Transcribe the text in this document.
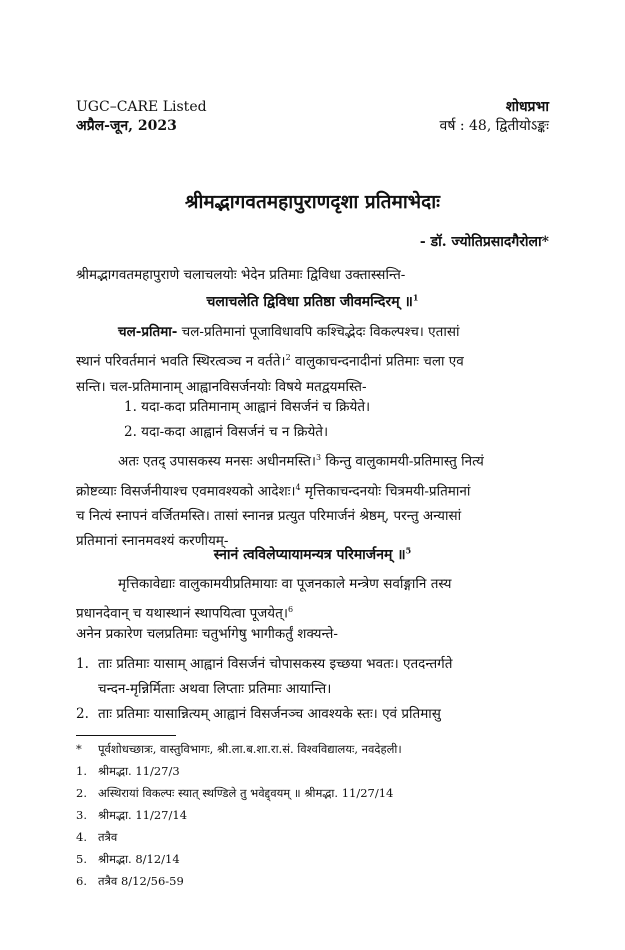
UGC–CARE Listed
अप्रैल-जून, 2023
शोधप्रभा
वर्ष : 48, द्वितीयोऽङ्कः
श्रीमद्भागवतमहापुराणदृशा प्रतिमाभेदाः
- डॉ. ज्योतिप्रसादगैरोला*
श्रीमद्भागवतमहापुराणे चलाचलयोः भेदेन प्रतिमाः द्विविधा उक्तास्सन्ति-
चलाचलेति द्विविधा प्रतिष्ठा जीवमन्दिरम् ॥$^1$
चल-प्रतिमा- चल-प्रतिमानां पूजाविधावपि कश्चिद्भेदः विकल्पश्च। एतासां
स्थानं परिवर्तमानं भवति स्थिरत्वञ्च न वर्तते।$^2$ वालुकाचन्दनादीनां प्रतिमाः चला एव
सन्ति। चल-प्रतिमानाम् आह्वानविसर्जनयोः विषये मतद्वयमस्ति-
1. यदा-कदा प्रतिमानाम् आह्वानं विसर्जनं च क्रियेते।
2. यदा-कदा आह्वानं विसर्जनं च न क्रियेते।
अतः एतद् उपासकस्य मनसः अधीनमस्ति।$^3$ किन्तु वालुकामयी-प्रतिमास्तु नित्यं
क्रोष्टव्याः विसर्जनीयाश्च एवमावश्यको आदेशः।$^4$ मृत्तिकाचन्दनयोः चित्रमयी-प्रतिमानां
च नित्यं स्नापनं वर्जितमस्ति। तासां स्नानन्न प्रत्युत परिमार्जनं श्रेष्ठम्, परन्तु अन्यासां
प्रतिमानां स्नानमवश्यं करणीयम्-
स्नानं त्वविलेप्यायामन्यत्र परिमार्जनम् ॥$^5$
मृत्तिकावेद्याः वालुकामयीप्रतिमायाः वा पूजनकाले मन्त्रेण सर्वाङ्गानि तस्य
प्रधानदेवान् च यथास्थानं स्थापयित्वा पूजयेत्।$^6$
अनेन प्रकारेण चलप्रतिमाः चतुर्भागेषु भागीकर्तुं शक्यन्ते-
1. ताः प्रतिमाः यासाम् आह्वानं विसर्जनं चोपासकस्य इच्छया भवतः। एतदन्तर्गते
चन्दन-मृन्निर्मिताः अथवा लिप्ताः प्रतिमाः आयान्ति।
2. ताः प्रतिमाः यासान्नित्यम् आह्वानं विसर्जनञ्च आवश्यके स्तः। एवं प्रतिमासु
* पूर्वशोधच्छात्रः, वास्तुविभागः, श्री.ला.ब.शा.रा.सं. विश्वविद्यालयः, नवदेहली।
1. श्रीमद्भा. 11/27/3
2. अस्थिरायां विकल्पः स्यात् स्थण्डिले तु भवेद्द्वयम् ॥ श्रीमद्भा. 11/27/14
3. श्रीमद्भा. 11/27/14
4. तत्रैव
5. श्रीमद्भा. 8/12/14
6. तत्रैव 8/12/56-59
